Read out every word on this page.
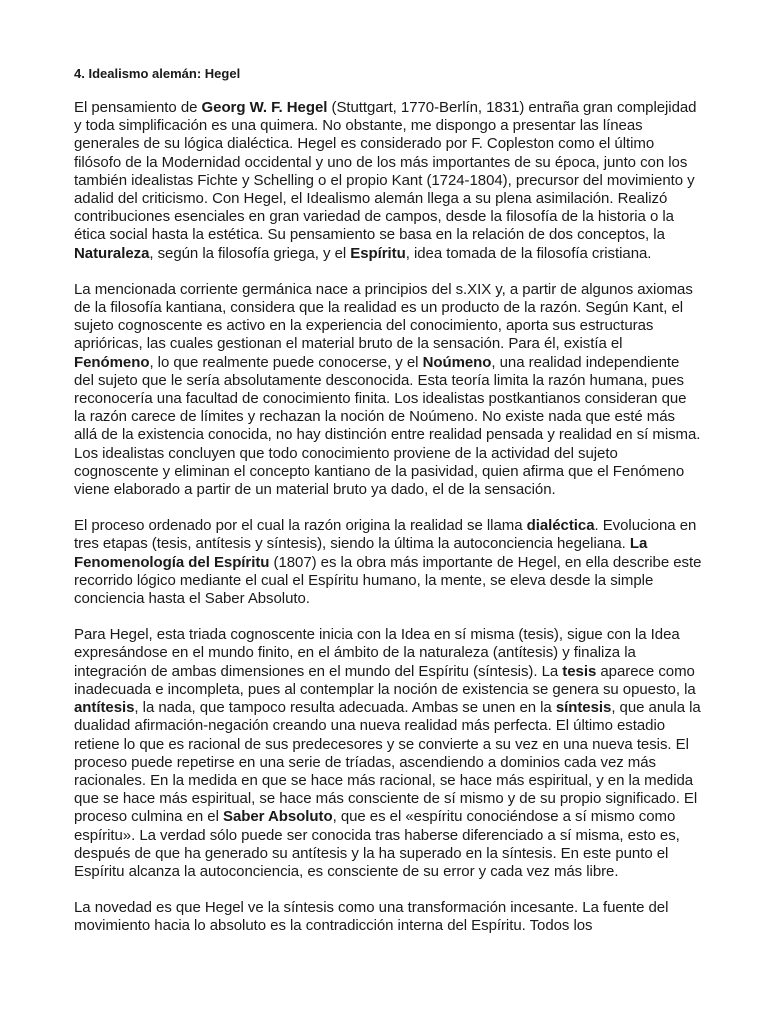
4. Idealismo alemán: Hegel

El pensamiento de Georg W. F. Hegel (Stuttgart, 1770-Berlín, 1831) entraña gran complejidad y toda simplificación es una quimera. No obstante, me dispongo a presentar las líneas generales de su lógica dialéctica. Hegel es considerado por F. Copleston como el último filósofo de la Modernidad occidental y uno de los más importantes de su época, junto con los también idealistas Fichte y Schelling o el propio Kant (1724-1804), precursor del movimiento y adalid del criticismo. Con Hegel, el Idealismo alemán llega a su plena asimilación. Realizó contribuciones esenciales en gran variedad de campos, desde la filosofía de la historia o la ética social hasta la estética. Su pensamiento se basa en la relación de dos conceptos, la Naturaleza, según la filosofía griega, y el Espíritu, idea tomada de la filosofía cristiana.

La mencionada corriente germánica nace a principios del s.XIX y, a partir de algunos axiomas de la filosofía kantiana, considera que la realidad es un producto de la razón. Según Kant, el sujeto cognoscente es activo en la experiencia del conocimiento, aporta sus estructuras aprióricas, las cuales gestionan el material bruto de la sensación. Para él, existía el Fenómeno, lo que realmente puede conocerse, y el Noúmeno, una realidad independiente del sujeto que le sería absolutamente desconocida. Esta teoría limita la razón humana, pues reconocería una facultad de conocimiento finita. Los idealistas postkantianos consideran que la razón carece de límites y rechazan la noción de Noúmeno. No existe nada que esté más allá de la existencia conocida, no hay distinción entre realidad pensada y realidad en sí misma. Los idealistas concluyen que todo conocimiento proviene de la actividad del sujeto cognoscente y eliminan el concepto kantiano de la pasividad, quien afirma que el Fenómeno viene elaborado a partir de un material bruto ya dado, el de la sensación.

El proceso ordenado por el cual la razón origina la realidad se llama dialéctica. Evoluciona en tres etapas (tesis, antítesis y síntesis), siendo la última la autoconciencia hegeliana. La Fenomenología del Espíritu (1807) es la obra más importante de Hegel, en ella describe este recorrido lógico mediante el cual el Espíritu humano, la mente, se eleva desde la simple conciencia hasta el Saber Absoluto.

Para Hegel, esta triada cognoscente inicia con la Idea en sí misma (tesis), sigue con la Idea expresándose en el mundo finito, en el ámbito de la naturaleza (antítesis) y finaliza la integración de ambas dimensiones en el mundo del Espíritu (síntesis). La tesis aparece como inadecuada e incompleta, pues al contemplar la noción de existencia se genera su opuesto, la antítesis, la nada, que tampoco resulta adecuada. Ambas se unen en la síntesis, que anula la dualidad afirmación-negación creando una nueva realidad más perfecta. El último estadio retiene lo que es racional de sus predecesores y se convierte a su vez en una nueva tesis. El proceso puede repetirse en una serie de tríadas, ascendiendo a dominios cada vez más racionales. En la medida en que se hace más racional, se hace más espiritual, y en la medida que se hace más espiritual, se hace más consciente de sí mismo y de su propio significado. El proceso culmina en el Saber Absoluto, que es el «espíritu conociéndose a sí mismo como espíritu». La verdad sólo puede ser conocida tras haberse diferenciado a sí misma, esto es, después de que ha generado su antítesis y la ha superado en la síntesis. En este punto el Espíritu alcanza la autoconciencia, es consciente de su error y cada vez más libre.

La novedad es que Hegel ve la síntesis como una transformación incesante. La fuente del movimiento hacia lo absoluto es la contradicción interna del Espíritu. Todos los
